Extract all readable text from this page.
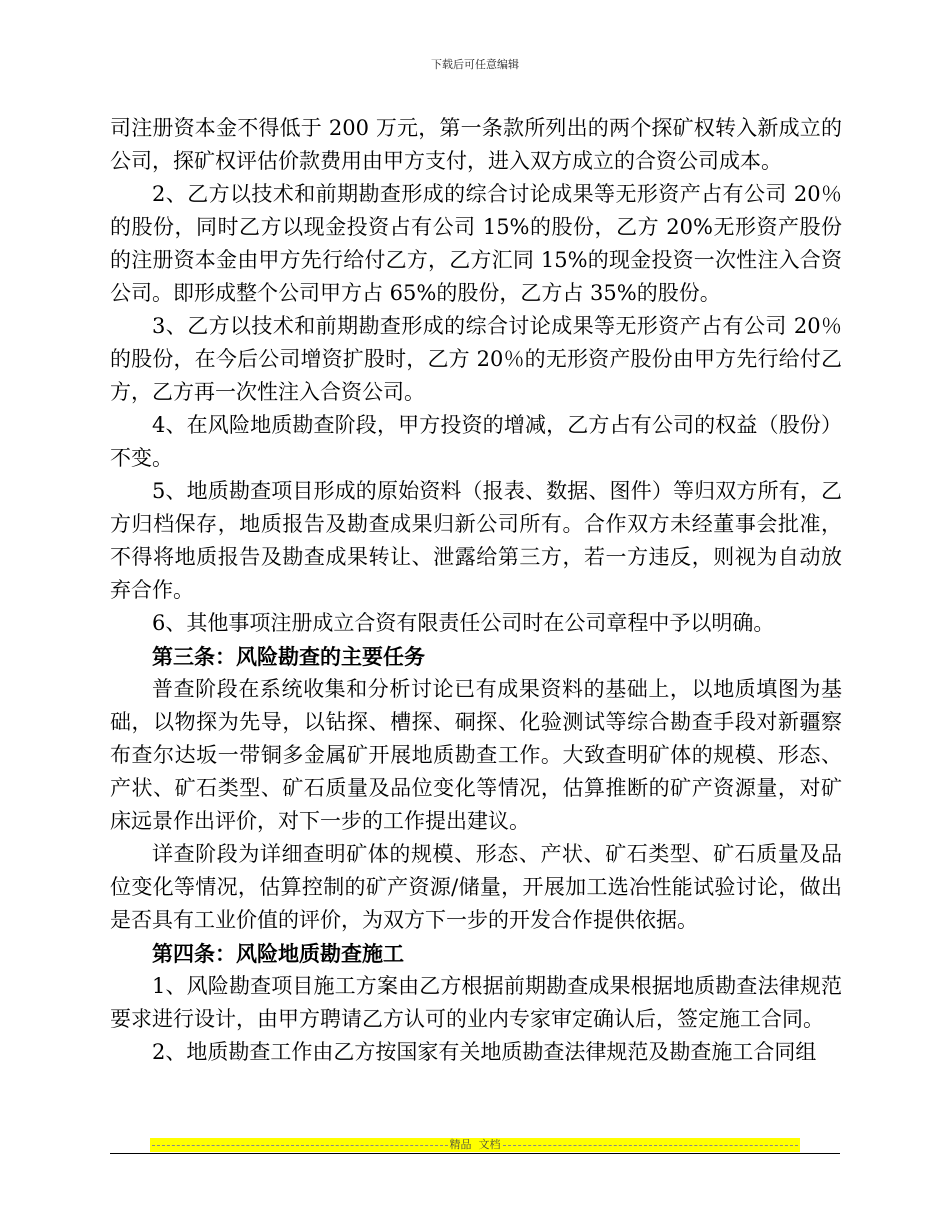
下载后可任意编辑

司注册资本金不得低于 200 万元，第一条款所列出的两个探矿权转入新成立的公司，探矿权评估价款费用由甲方支付，进入双方成立的合资公司成本。

2、乙方以技术和前期勘查形成的综合讨论成果等无形资产占有公司 20％的股份，同时乙方以现金投资占有公司 15%的股份，乙方 20%无形资产股份的注册资本金由甲方先行给付乙方，乙方汇同 15%的现金投资一次性注入合资公司。即形成整个公司甲方占 65%的股份，乙方占 35%的股份。

3、乙方以技术和前期勘查形成的综合讨论成果等无形资产占有公司 20％的股份，在今后公司增资扩股时，乙方 20％的无形资产股份由甲方先行给付乙方，乙方再一次性注入合资公司。

4、在风险地质勘查阶段，甲方投资的增减，乙方占有公司的权益（股份）不变。

5、地质勘查项目形成的原始资料（报表、数据、图件）等归双方所有，乙方归档保存，地质报告及勘查成果归新公司所有。合作双方未经董事会批准，不得将地质报告及勘查成果转让、泄露给第三方，若一方违反，则视为自动放弃合作。

6、其他事项注册成立合资有限责任公司时在公司章程中予以明确。

第三条：风险勘查的主要任务

普查阶段在系统收集和分析讨论已有成果资料的基础上，以地质填图为基础，以物探为先导，以钻探、槽探、硐探、化验测试等综合勘查手段对新疆察布查尔达坂一带铜多金属矿开展地质勘查工作。大致查明矿体的规模、形态、产状、矿石类型、矿石质量及品位变化等情况，估算推断的矿产资源量，对矿床远景作出评价，对下一步的工作提出建议。

详查阶段为详细查明矿体的规模、形态、产状、矿石类型、矿石质量及品位变化等情况，估算控制的矿产资源/储量，开展加工选冶性能试验讨论，做出是否具有工业价值的评价，为双方下一步的开发合作提供依据。

第四条：风险地质勘查施工

1、风险勘查项目施工方案由乙方根据前期勘查成果根据地质勘查法律规范要求进行设计，由甲方聘请乙方认可的业内专家审定确认后，签定施工合同。

2、地质勘查工作由乙方按国家有关地质勘查法律规范及勘查施工合同组

精品  文档
